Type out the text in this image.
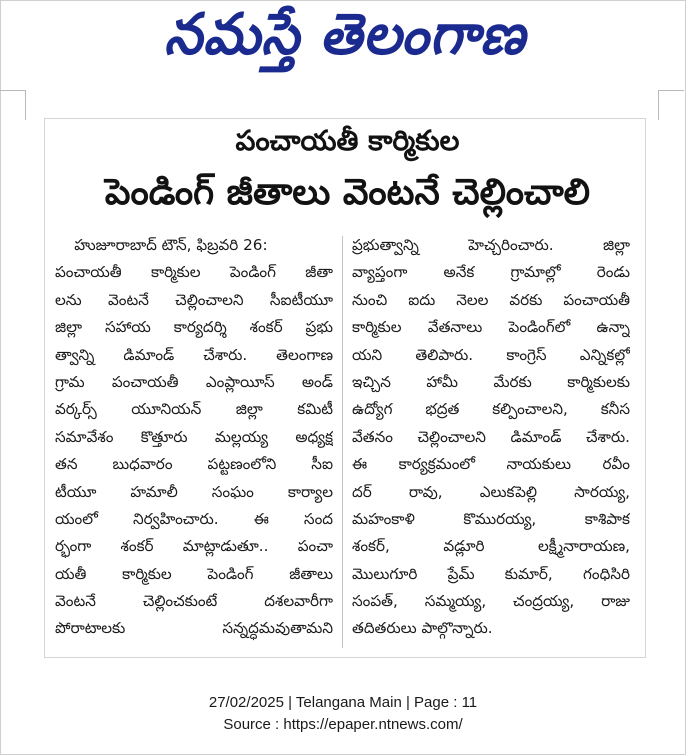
నమస్తే తెలంగాణ
పంచాయతీ కార్మికుల
పెండింగ్ జీతాలు వెంటనే చెల్లించాలి
హుజూరాబాద్ టౌన్, ఫిబ్రవరి 26:
పంచాయతీ కార్మికుల పెండింగ్ జీతా
లను వెంటనే చెల్లించాలని సీఐటీయూ
జిల్లా సహాయ కార్యదర్శి శంకర్ ప్రభు
త్వాన్ని డిమాండ్ చేశారు. తెలంగాణ
గ్రామ పంచాయతీ ఎంప్లాయీస్ అండ్
వర్కర్స్ యూనియన్ జిల్లా కమిటీ
సమావేశం కొత్తూరు మల్లయ్య అధ్యక్ష
తన బుధవారం పట్టణంలోని సీఐ
టీయూ హమాలీ సంఘం కార్యాల
యంలో నిర్వహించారు. ఈ సంద
ర్భంగా శంకర్ మాట్లాడుతూ.. పంచా
యతీ కార్మికుల పెండింగ్ జీతాలు
వెంటనే చెల్లించకుంటే దశలవారీగా
పోరాటాలకు    సన్నద్ధమవుతామని
ప్రభుత్వాన్ని హెచ్చరించారు. జిల్లా
వ్యాప్తంగా అనేక గ్రామాల్లో రెండు
నుంచి ఐదు నెలల వరకు పంచాయతీ
కార్మికుల వేతనాలు పెండింగ్‌లో ఉన్నా
యని తెలిపారు. కాంగ్రెస్ ఎన్నికల్లో
ఇచ్చిన హామీ మేరకు కార్మికులకు
ఉద్యోగ భద్రత కల్పించాలని, కనీస
వేతనం చెల్లించాలని డిమాండ్ చేశారు.
ఈ కార్యక్రమంలో నాయకులు రవీం
దర్ రావు, ఎలుకపెల్లి సారయ్య,
మహంకాళి కొమురయ్య, కాశిపాక
శంకర్, వడ్లూరి లక్ష్మీనారాయణ,
మొలుగూరి ప్రేమ్ కుమార్, గంధిసిరి
సంపత్, సమ్మయ్య, చంద్రయ్య, రాజు
తదితరులు పాల్గొన్నారు.
27/02/2025 | Telangana Main | Page : 11
Source : https://epaper.ntnews.com/
